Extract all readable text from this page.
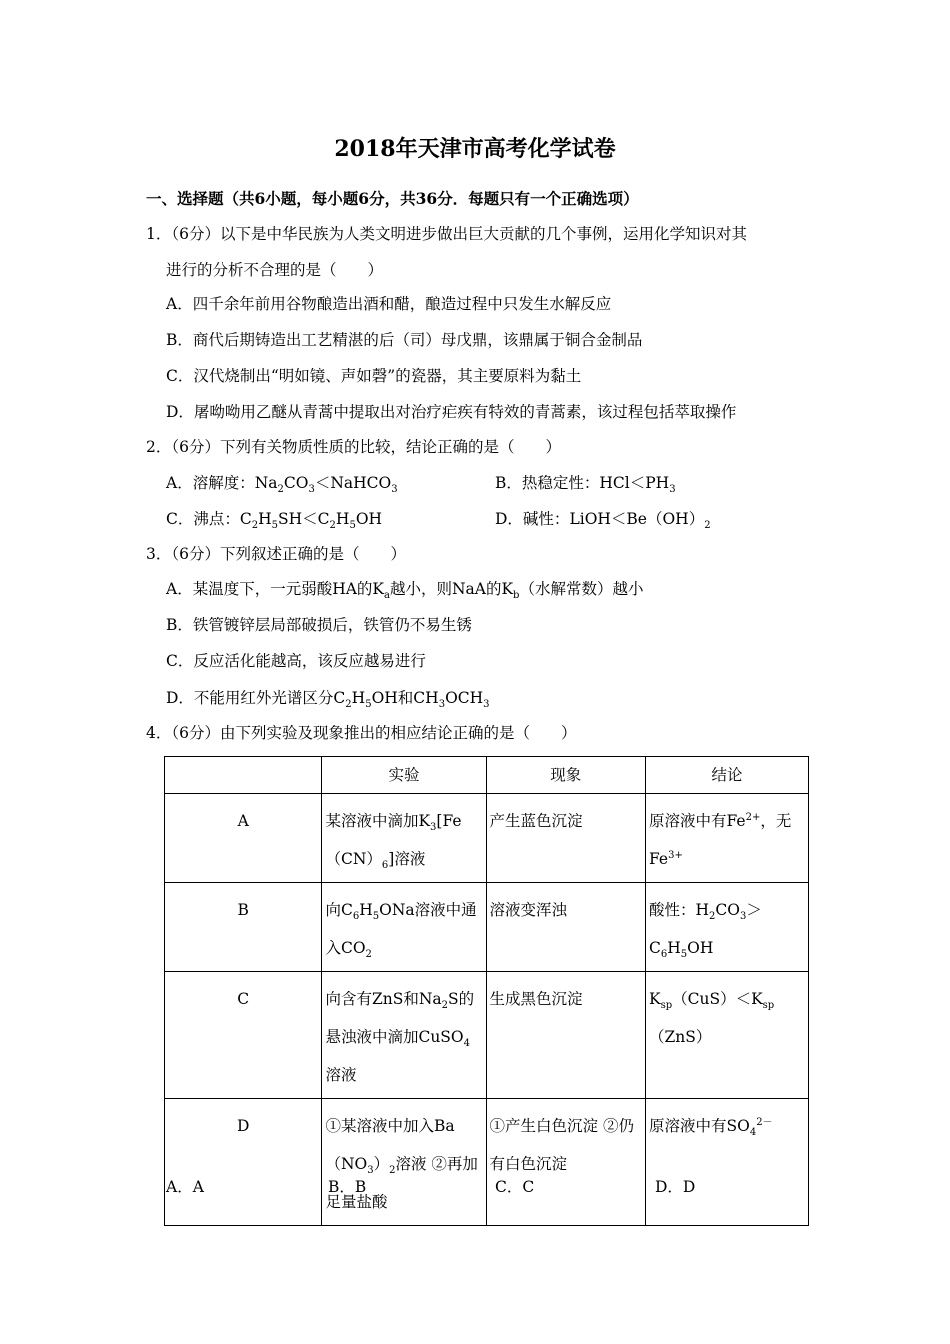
2018年天津市高考化学试卷
一、选择题（共6小题，每小题6分，共36分．每题只有一个正确选项）
1．（6分）以下是中华民族为人类文明进步做出巨大贡献的几个事例，运用化学知识对其
进行的分析不合理的是（　　）
A．四千余年前用谷物酿造出酒和醋，酿造过程中只发生水解反应
B．商代后期铸造出工艺精湛的后（司）母戊鼎，该鼎属于铜合金制品
C．汉代烧制出“明如镜、声如磬”的瓷器，其主要原料为黏土
D．屠呦呦用乙醚从青蒿中提取出对治疗疟疾有特效的青蒿素，该过程包括萃取操作
2．（6分）下列有关物质性质的比较，结论正确的是（　　）
A．溶解度：$Na_2CO_3<NaHCO_3$	B．热稳定性：$HCl<PH_3$
C．沸点：$C_2H_5SH<C_2H_5OH$	D．碱性：$LiOH<Be(OH)_2$
3．（6分）下列叙述正确的是（　　）
A．某温度下，一元弱酸HA的$K_a$越小，则NaA的$K_b$（水解常数）越小
B．铁管镀锌层局部破损后，铁管仍不易生锈
C．反应活化能越高，该反应越易进行
D．不能用红外光谱区分$C_2H_5OH$和$CH_3OCH_3$
4．（6分）由下列实验及现象推出的相应结论正确的是（　　）
	实验	现象	结论
A	某溶液中滴加$K_3[Fe(CN)_6]$溶液	产生蓝色沉淀	原溶液中有$Fe^{2+}$，无$Fe^{3+}$
B	向$C_6H_5ONa$溶液中通入$CO_2$	溶液变浑浊	酸性：$H_2CO_3>C_6H_5OH$
C	向含有ZnS和$Na_2S$的悬浊液中滴加CuSO$_4$溶液	生成黑色沉淀	$K_{sp}(CuS)<K_{sp}(ZnS)$
D	①某溶液中加入$Ba(NO_3)_2$溶液 ②再加足量盐酸	①产生白色沉淀 ②仍有白色沉淀	原溶液中有$SO_4^{2-}$
A．A	B．B	C．C	D．D
